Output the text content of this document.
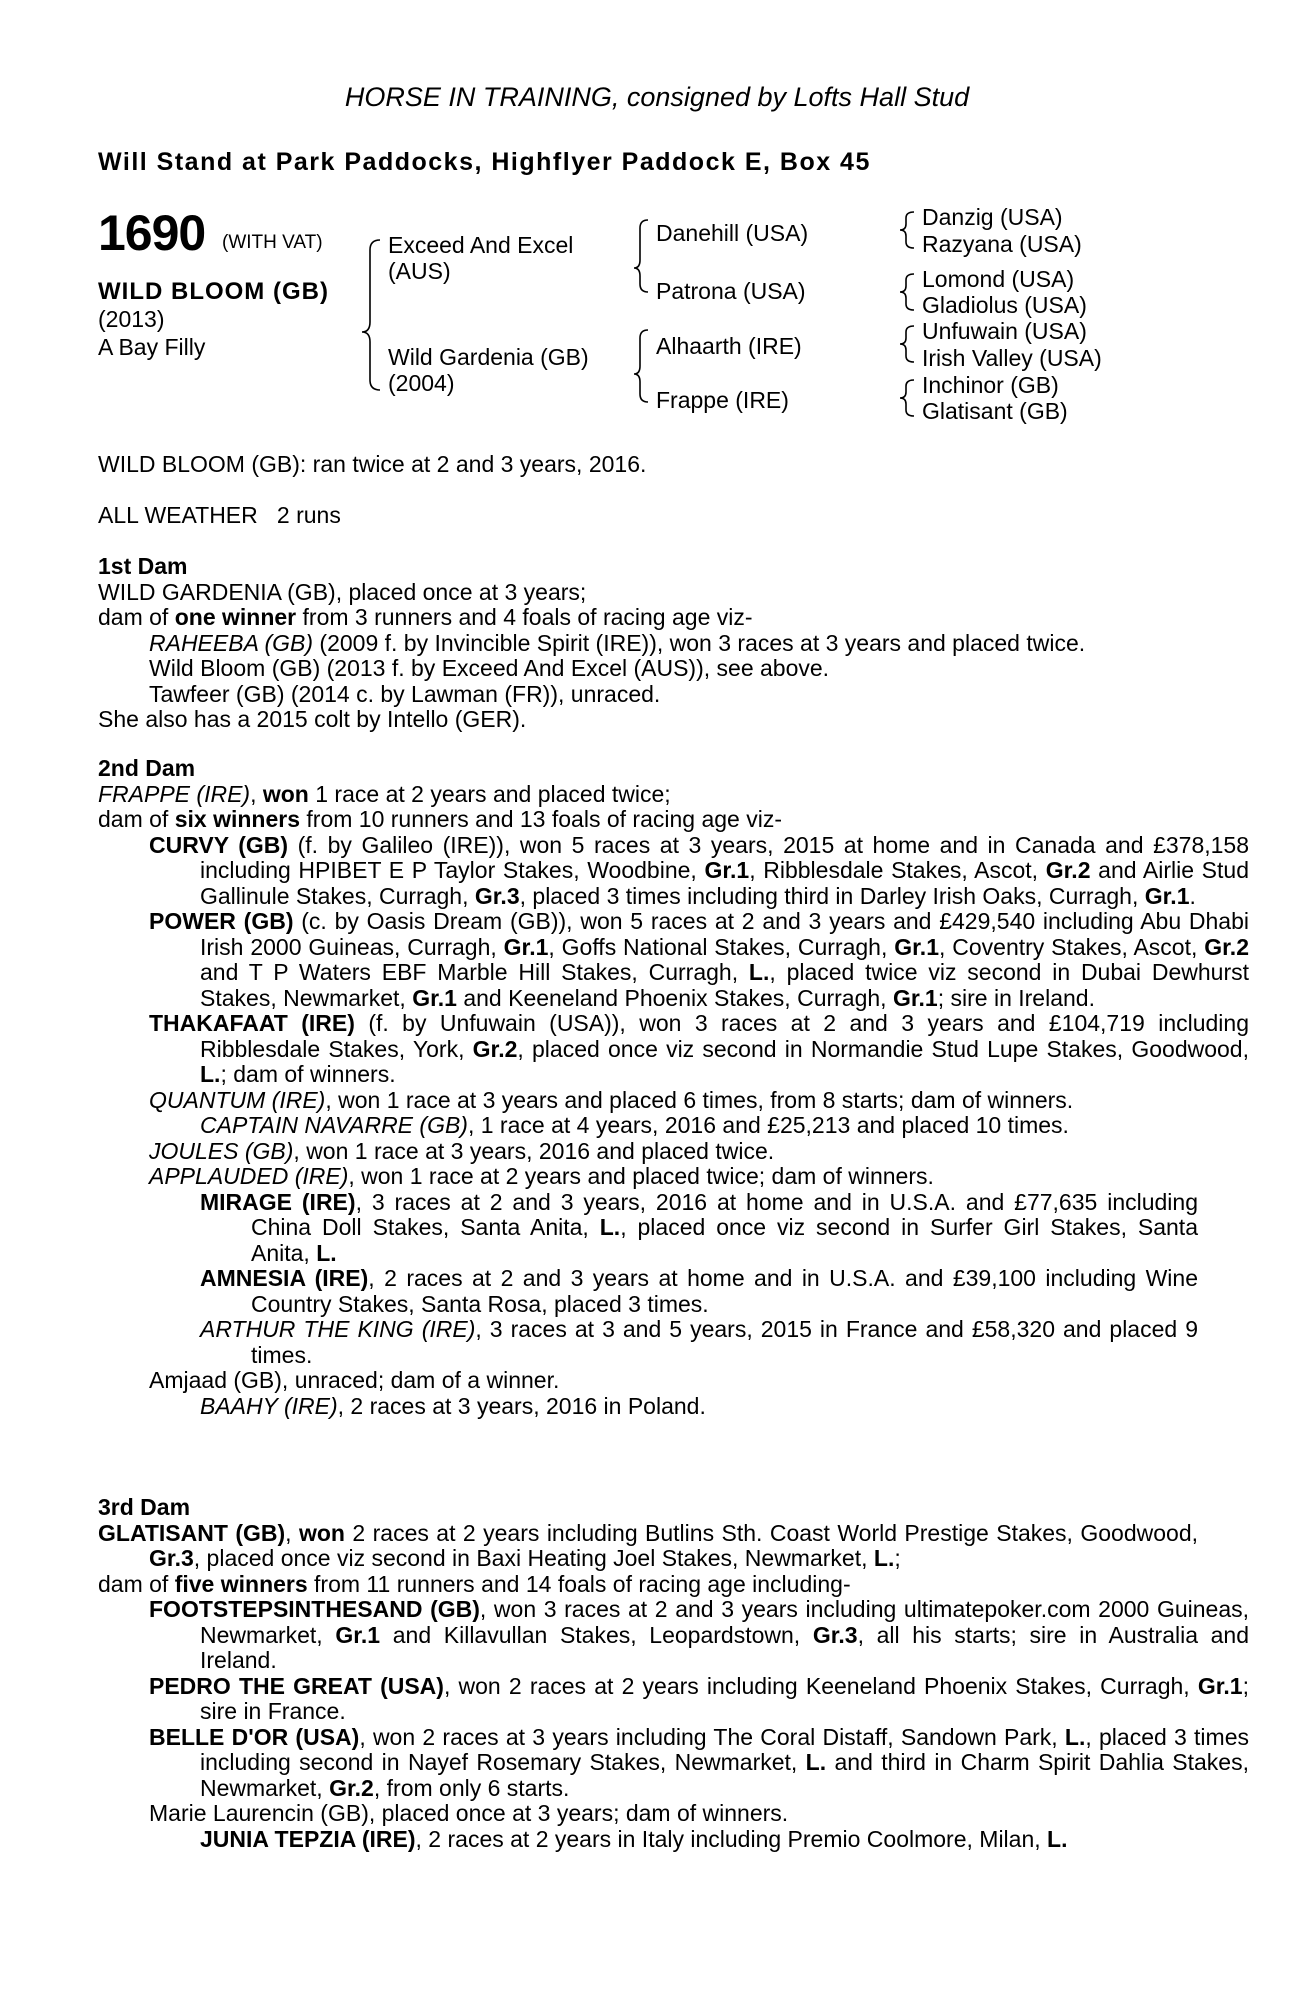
HORSE IN TRAINING, consigned by Lofts Hall Stud
Will Stand at Park Paddocks, Highflyer Paddock E, Box 45
1690 (WITH VAT)
WILD BLOOM (GB)
(2013)
A Bay Filly
Exceed And Excel (AUS)
Wild Gardenia (GB) (2004)
Danehill (USA)
Patrona (USA)
Alhaarth (IRE)
Frappe (IRE)
Danzig (USA)
Razyana (USA)
Lomond (USA)
Gladiolus (USA)
Unfuwain (USA)
Irish Valley (USA)
Inchinor (GB)
Glatisant (GB)
WILD BLOOM (GB): ran twice at 2 and 3 years, 2016.
ALL WEATHER   2 runs

1st Dam

WILD GARDENIA (GB), placed once at 3 years;

dam of one winner from 3 runners and 4 foals of racing age viz-

RAHEEBA (GB) (2009 f. by Invincible Spirit (IRE)), won 3 races at 3 years and placed twice.

Wild Bloom (GB) (2013 f. by Exceed And Excel (AUS)), see above.

Tawfeer (GB) (2014 c. by Lawman (FR)), unraced.

She also has a 2015 colt by Intello (GER).

2nd Dam

FRAPPE (IRE), won 1 race at 2 years and placed twice;

dam of six winners from 10 runners and 13 foals of racing age viz-

CURVY (GB) (f. by Galileo (IRE)), won 5 races at 3 years, 2015 at home and in Canada and £378,158 including HPIBET E P Taylor Stakes, Woodbine, Gr.1, Ribblesdale Stakes, Ascot, Gr.2 and Airlie Stud Gallinule Stakes, Curragh, Gr.3, placed 3 times including third in Darley Irish Oaks, Curragh, Gr.1.

POWER (GB) (c. by Oasis Dream (GB)), won 5 races at 2 and 3 years and £429,540 including Abu Dhabi Irish 2000 Guineas, Curragh, Gr.1, Goffs National Stakes, Curragh, Gr.1, Coventry Stakes, Ascot, Gr.2 and T P Waters EBF Marble Hill Stakes, Curragh, L., placed twice viz second in Dubai Dewhurst Stakes, Newmarket, Gr.1 and Keeneland Phoenix Stakes, Curragh, Gr.1; sire in Ireland.

THAKAFAAT (IRE) (f. by Unfuwain (USA)), won 3 races at 2 and 3 years and £104,719 including Ribblesdale Stakes, York, Gr.2, placed once viz second in Normandie Stud Lupe Stakes, Goodwood, L.; dam of winners.

QUANTUM (IRE), won 1 race at 3 years and placed 6 times, from 8 starts; dam of winners.

CAPTAIN NAVARRE (GB), 1 race at 4 years, 2016 and £25,213 and placed 10 times.

JOULES (GB), won 1 race at 3 years, 2016 and placed twice.

APPLAUDED (IRE), won 1 race at 2 years and placed twice; dam of winners.

MIRAGE (IRE), 3 races at 2 and 3 years, 2016 at home and in U.S.A. and £77,635 including China Doll Stakes, Santa Anita, L., placed once viz second in Surfer Girl Stakes, Santa Anita, L.

AMNESIA (IRE), 2 races at 2 and 3 years at home and in U.S.A. and £39,100 including Wine Country Stakes, Santa Rosa, placed 3 times.

ARTHUR THE KING (IRE), 3 races at 3 and 5 years, 2015 in France and £58,320 and placed 9 times.

Amjaad (GB), unraced; dam of a winner.

BAAHY (IRE), 2 races at 3 years, 2016 in Poland.

3rd Dam

GLATISANT (GB), won 2 races at 2 years including Butlins Sth. Coast World Prestige Stakes, Goodwood, Gr.3, placed once viz second in Baxi Heating Joel Stakes, Newmarket, L.;

dam of five winners from 11 runners and 14 foals of racing age including-

FOOTSTEPSINTHESAND (GB), won 3 races at 2 and 3 years including ultimatepoker.com 2000 Guineas, Newmarket, Gr.1 and Killavullan Stakes, Leopardstown, Gr.3, all his starts; sire in Australia and Ireland.

PEDRO THE GREAT (USA), won 2 races at 2 years including Keeneland Phoenix Stakes, Curragh, Gr.1; sire in France.

BELLE D'OR (USA), won 2 races at 3 years including The Coral Distaff, Sandown Park, L., placed 3 times including second in Nayef Rosemary Stakes, Newmarket, L. and third in Charm Spirit Dahlia Stakes, Newmarket, Gr.2, from only 6 starts.

Marie Laurencin (GB), placed once at 3 years; dam of winners.

JUNIA TEPZIA (IRE), 2 races at 2 years in Italy including Premio Coolmore, Milan, L.
